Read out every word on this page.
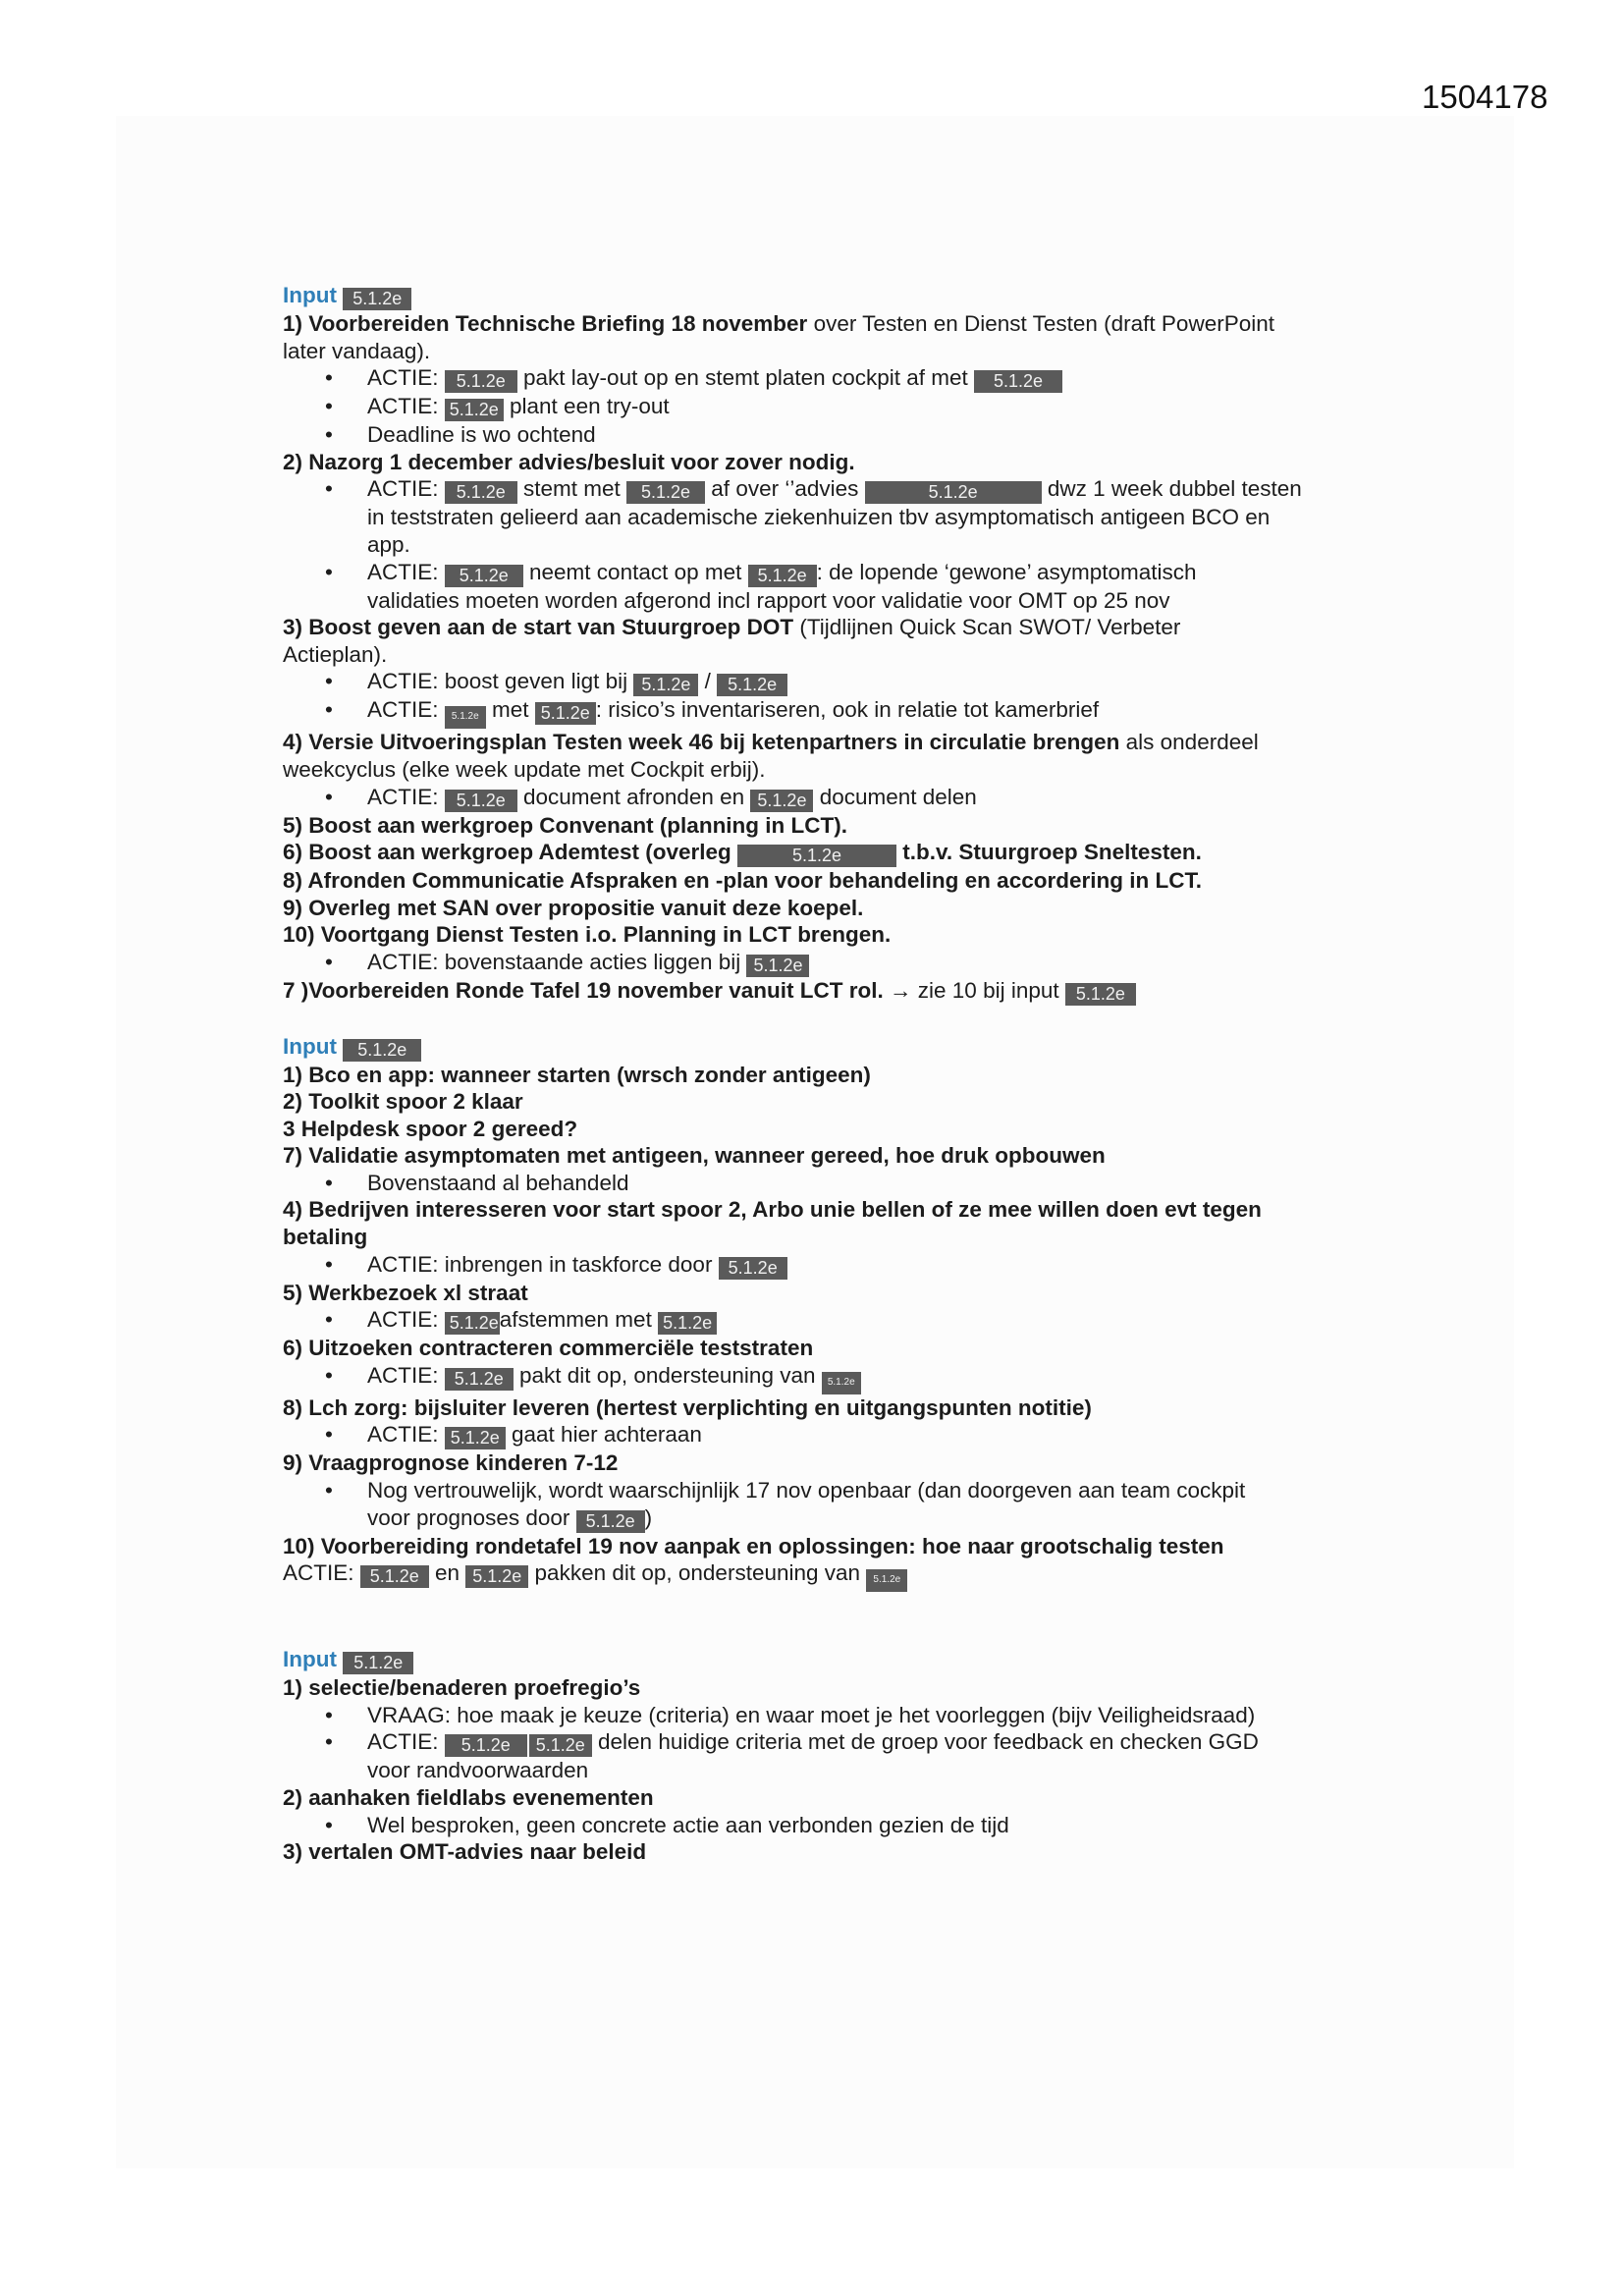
1504178
Input 5.1.2e
1) Voorbereiden Technische Briefing 18 november over Testen en Dienst Testen (draft PowerPoint
later vandaag).
• ACTIE: 5.1.2e pakt lay-out op en stemt platen cockpit af met 5.1.2e
• ACTIE: 5.1.2e plant een try-out
• Deadline is wo ochtend
2) Nazorg 1 december advies/besluit voor zover nodig.
• ACTIE: 5.1.2e stemt met 5.1.2e af over ‘’advies	5.1.2e	dwz 1 week dubbel testen
in teststraten gelieerd aan academische ziekenhuizen tbv asymptomatisch antigeen BCO en
app.
• ACTIE: 5.1.2e neemt contact op met 5.1.2e : de lopende ‘gewone’ asymptomatisch
validaties moeten worden afgerond incl rapport voor validatie voor OMT op 25 nov
3) Boost geven aan de start van Stuurgroep DOT (Tijdlijnen Quick Scan SWOT/ Verbeter
Actieplan).
• ACTIE: boost geven ligt bij 5.1.2e / 5.1.2e
• ACTIE: 5.1.2e met 5.1.2e : risico’s inventariseren, ook in relatie tot kamerbrief
4) Versie Uitvoeringsplan Testen week 46 bij ketenpartners in circulatie brengen als onderdeel
weekcyclus (elke week update met Cockpit erbij).
• ACTIE: 5.1.2e document afronden en 5.1.2e document delen
5) Boost aan werkgroep Convenant (planning in LCT).
6) Boost aan werkgroep Ademtest (overleg	5.1.2e t.b.v. Stuurgroep Sneltesten.
8) Afronden Communicatie Afspraken en -plan voor behandeling en accordering in LCT.
9) Overleg met SAN over propositie vanuit deze koepel.
10) Voortgang Dienst Testen i.o. Planning in LCT brengen.
• ACTIE: bovenstaande acties liggen bij 5.1.2e
7 )Voorbereiden Ronde Tafel 19 november vanuit LCT rol. → zie 10 bij input 5.1.2e
Input 5.1.2e
1) Bco en app: wanneer starten (wrsch zonder antigeen)
2) Toolkit spoor 2 klaar
3 Helpdesk spoor 2 gereed?
7) Validatie asymptomaten met antigeen, wanneer gereed, hoe druk opbouwen
• Bovenstaand al behandeld
4) Bedrijven interesseren voor start spoor 2, Arbo unie bellen of ze mee willen doen evt tegen
betaling
• ACTIE: inbrengen in taskforce door 5.1.2e
5) Werkbezoek xl straat
• ACTIE: 5.1.2eafstemmen met 5.1.2e
6) Uitzoeken contracteren commerciële teststraten
• ACTIE: 5.1.2e pakt dit op, ondersteuning van 5.1.2e
8) Lch zorg: bijsluiter leveren (hertest verplichting en uitgangspunten notitie)
• ACTIE: 5.1.2e gaat hier achteraan
9) Vraagprognose kinderen 7-12
• Nog vertrouwelijk, wordt waarschijnlijk 17 nov openbaar (dan doorgeven aan team cockpit
voor prognoses door 5.1.2e )
10) Voorbereiding rondetafel 19 nov aanpak en oplossingen: hoe naar grootschalig testen
ACTIE: 5.1.2e en 5.1.2e pakken dit op, ondersteuning van 5.1.2e
Input 5.1.2e
1) selectie/benaderen proefregio’s
• VRAAG: hoe maak je keuze (criteria) en waar moet je het voorleggen (bijv Veiligheidsraad)
• ACTIE: 5.1.2e 5.1.2e delen huidige criteria met de groep voor feedback en checken GGD
voor randvoorwaarden
2) aanhaken fieldlabs evenementen
• Wel besproken, geen concrete actie aan verbonden gezien de tijd
3) vertalen OMT-advies naar beleid
